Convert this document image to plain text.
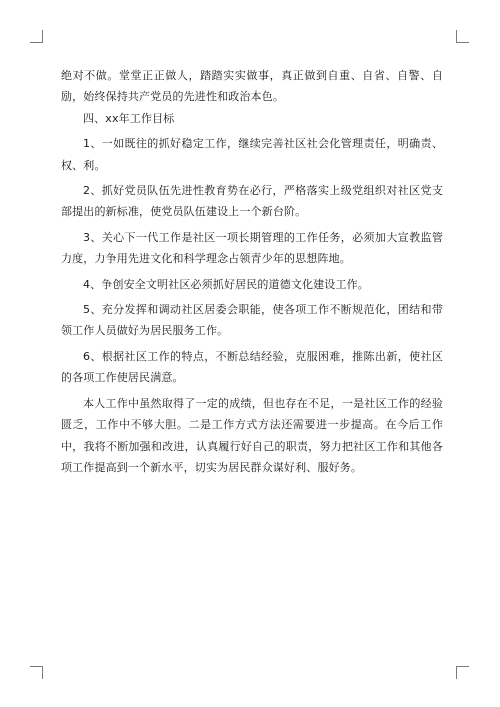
绝对不做。堂堂正正做人，踏踏实实做事，真正做到自重、自省、自警、自励，始终保持共产党员的先进性和政治本色。

四、xx年工作目标

1、一如既往的抓好稳定工作，继续完善社区社会化管理责任，明确责、权、利。

2、抓好党员队伍先进性教育势在必行，严格落实上级党组织对社区党支部提出的新标准，使党员队伍建设上一个新台阶。

3、关心下一代工作是社区一项长期管理的工作任务，必须加大宣教监管力度，力争用先进文化和科学理念占领青少年的思想阵地。

4、争创安全文明社区必须抓好居民的道德文化建设工作。

5、充分发挥和调动社区居委会职能，使各项工作不断规范化，团结和带领工作人员做好为居民服务工作。

6、根据社区工作的特点，不断总结经验，克服困难，推陈出新，使社区的各项工作使居民满意。

本人工作中虽然取得了一定的成绩，但也存在不足，一是社区工作的经验匮乏，工作中不够大胆。二是工作方式方法还需要进一步提高。在今后工作中，我将不断加强和改进，认真履行好自己的职责，努力把社区工作和其他各项工作提高到一个新水平，切实为居民群众谋好利、服好务。
